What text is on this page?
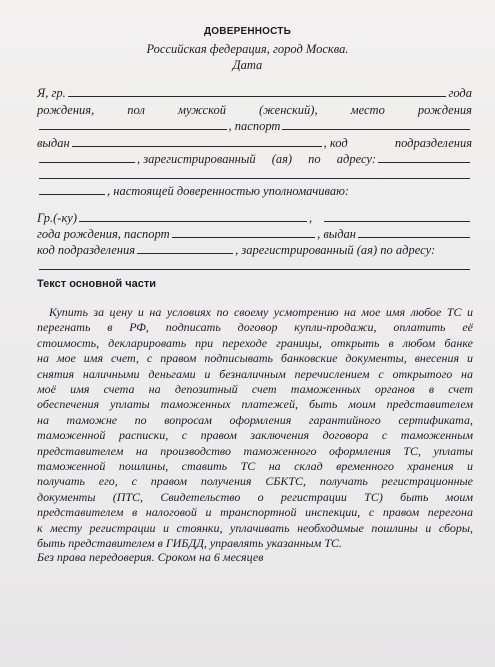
ДОВЕРЕННОСТЬ
Российская федерация, город Москва.
Дата
Я, гр.	года
рождения,	пол	мужской	(женский),	место	рождения
, паспорт
выдан	, код	подразделения
, зарегистрированный (ая) по адресу:
, настоящей доверенностью уполномачиваю:
Гр.(-ку)	,
года рождения, паспорт	, выдан
код подразделения	, зарегистрированный (ая) по адресу:
Текст основной части
Купить за цену и на условиях по своему усмотрению на мое имя любое ТС и
перегнать в РФ, подписать договор купли-продажи, оплатить её
стоимость, декларировать при переходе границы, открыть в любом банке
на мое имя счет, с правом подписывать банковские документы, внесения и
снятия наличными деньгами и безналичным перечислением с открытого на
моё имя счета на депозитный счет таможенных органов в счет
обеспечения уплаты таможенных платежей, быть моим представителем
на таможне по вопросам оформления гарантийного сертификата,
таможенной расписки, с правом заключения договора с таможенным
представителем на производство таможенного оформления ТС, уплаты
таможенной пошлины, ставить ТС на склад временного хранения и
получать его, с правом получения СБКТС, получать регистрационные
документы (ПТС, Свидетельство о регистрации ТС) быть моим
представителем в налоговой и транспортной инспекции, с правом перегона
к месту регистрации и стоянки, уплачивать необходимые пошлины и сборы,
быть представителем в ГИБДД, управлять указанным ТС.
Без права передоверия. Сроком на 6 месяцев
